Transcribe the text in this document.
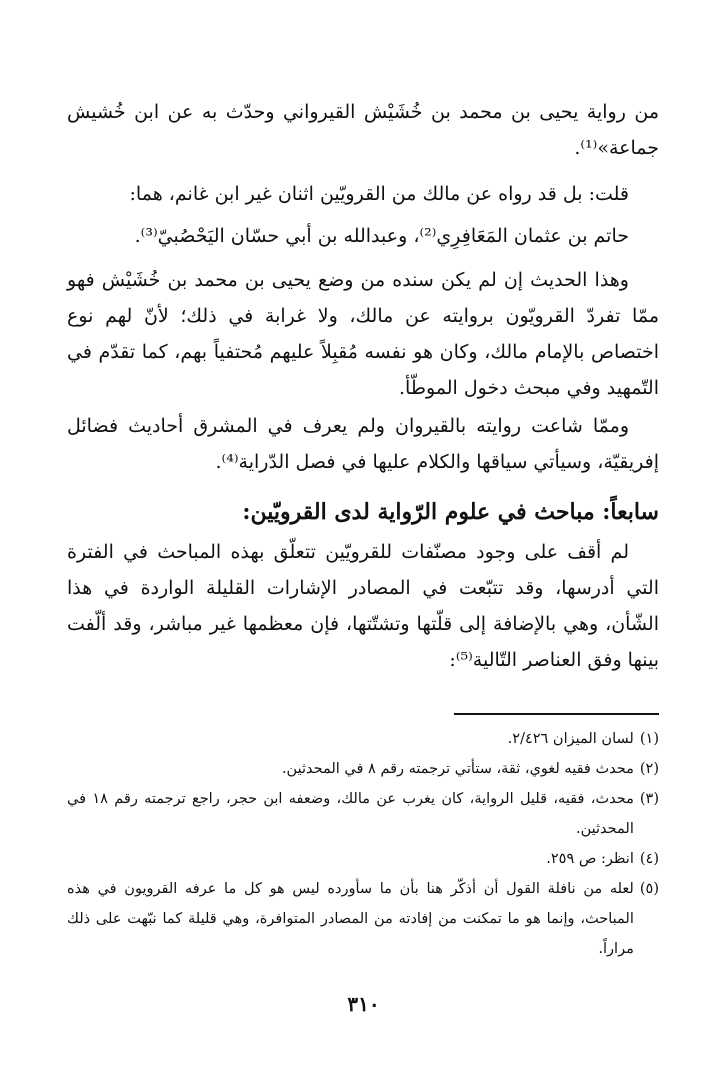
من رواية يحيى بن محمد بن خُشَيْش القيرواني وحدّث به عن ابن خُشيش جماعة»⁽¹⁾.

قلت: بل قد رواه عن مالك من القرويّين اثنان غير ابن غانم، هما:

حاتم بن عثمان المَعَافِرِي⁽²⁾، وعبدالله بن أبي حسّان اليَحْصُبيّ⁽³⁾.

وهذا الحديث إن لم يكن سنده من وضع يحيى بن محمد بن خُشَيْش فهو ممّا تفردّ القرويّون بروايته عن مالك، ولا غرابة في ذلك؛ لأنّ لهم نوع اختصاص بالإمام مالك، وكان هو نفسه مُقبِلاً عليهم مُحتفياً بهم، كما تقدّم في التّمهيد وفي مبحث دخول الموطّأ.

وممّا شاعت روايته بالقيروان ولم يعرف في المشرق أحاديث فضائل إفريقيّة، وسيأتي سياقها والكلام عليها في فصل الدّراية⁽⁴⁾.

سابعاً: مباحث في علوم الرّواية لدى القرويّين:

لم أقف على وجود مصنّفات للقرويّين تتعلّق بهذه المباحث في الفترة التي أدرسها، وقد تتبّعت في المصادر الإشارات القليلة الواردة في هذا الشّأن، وهي بالإضافة إلى قلّتها وتشتّتها، فإن معظمها غير مباشر، وقد ألّفت بينها وفق العناصر التّالية⁽⁵⁾:

(١)
لسان الميزان ٢/٤٢٦.
(٢)
محدث فقيه لغوي، ثقة، ستأتي ترجمته رقم ٨ في المحدثين.
(٣)
محدث، فقيه، قليل الرواية، كان يغرب عن مالك، وضعفه ابن حجر، راجع ترجمته رقم ١٨ في المحدثين.
(٤)
انظر: ص ٢٥٩.
(٥)
لعله من نافلة القول أن أذكّر هنا بأن ما سأورده ليس هو كل ما عرفه القرويون في هذه المباحث، وإنما هو ما تمكنت من إفادته من المصادر المتوافرة، وهي قليلة كما نبّهت على ذلك مراراً.
٣١٠
